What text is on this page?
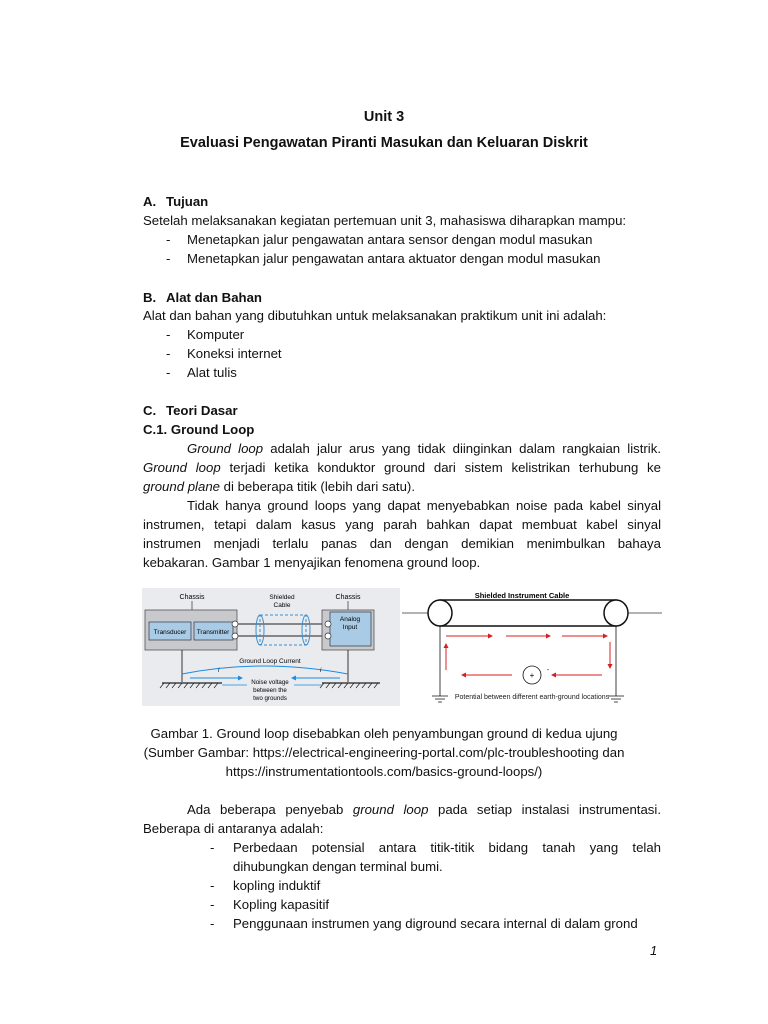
Unit 3
Evaluasi Pengawatan Piranti Masukan dan Keluaran Diskrit
A. Tujuan
Setelah melaksanakan kegiatan pertemuan unit 3, mahasiswa diharapkan mampu:
- Menetapkan jalur pengawatan antara sensor dengan modul masukan
- Menetapkan jalur pengawatan antara aktuator dengan modul masukan
B. Alat dan Bahan
Alat dan bahan yang dibutuhkan untuk melaksanakan praktikum unit ini adalah:
- Komputer
- Koneksi internet
- Alat tulis
C. Teori Dasar
C.1. Ground Loop
Ground loop adalah jalur arus yang tidak diinginkan dalam rangkaian listrik.
Ground loop terjadi ketika konduktor ground dari sistem kelistrikan terhubung ke
ground plane di beberapa titik (lebih dari satu).
Tidak hanya ground loops yang dapat menyebabkan noise pada kabel sinyal
instrumen, tetapi dalam kasus yang parah bahkan dapat membuat kabel sinyal
instrumen menjadi terlalu panas dan dengan demikian menimbulkan bahaya
kebakaran. Gambar 1 menyajikan fenomena ground loop.
Chassis	Shielded
Cable
Chassis
Transducer Transmitter
Analog
Input
Ground Loop Current
i	i
Noise voltage
between the
two grounds
Shielded Instrument Cable
+
-
Potential between different earth-ground locations
Gambar 1. Ground loop disebabkan oleh penyambungan ground di kedua ujung
(Sumber Gambar: https://electrical-engineering-portal.com/plc-troubleshooting dan
https://instrumentationtools.com/basics-ground-loops/)
Ada beberapa penyebab ground loop pada setiap instalasi instrumentasi.
Beberapa di antaranya adalah:
- Perbedaan potensial antara titik-titik bidang tanah yang telah
dihubungkan dengan terminal bumi.
- kopling induktif
- Kopling kapasitif
- Penggunaan instrumen yang diground secara internal di dalam grond
1
